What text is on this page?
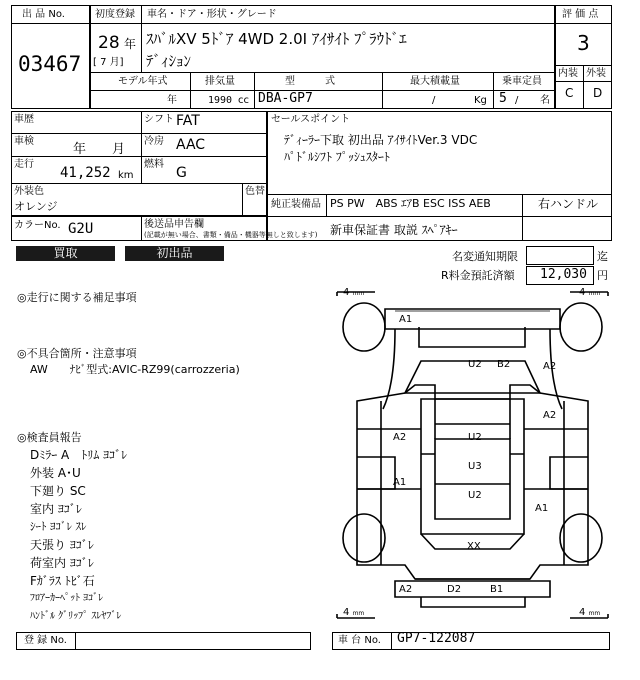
出 品 No.
03467
初度登録 車名・ドア・形状・グレード
28 年
[ 7 月]
ｽﾊﾞﾙXV 5ﾄﾞｱ 4WD 2.0I ｱｲｻｲﾄ ﾌﾟﾗｳﾄﾞｴ
ﾃﾞｨｼｮﾝ
モデル年式	排気量	型　　　式	最大積載量	乗車定員
年	1990 cc DBA-GP7	/	Kg 5 / 名
評 価 点
3
内装 外装
C D
車歴	シフト FAT
車検
年　　月
冷房 AAC
走行
41,252 km
燃料
G
外装色
オレンジ
色替
カラーNo. G2U	後送品申告欄
(記載が無い場合、書類・備品・機器等無しと致します)
セールスポイント
ﾃﾞｨｰﾗｰ下取 初出品 ｱｲｻｲﾄVer.3 VDC
ﾊﾟﾄﾞﾙｼﾌﾄ ﾌﾟｯｼｭｽﾀｰﾄ
純正装備品 PS PW　ABS ｴｱB ESC ISS AEB	右ハンドル
新車保証書 取説 ｽﾍﾟｱｷｰ
買取	初出品	名変通知期限	迄
R料金預託済額 12,030 円
◎走行に関する補足事項
◎不具合箇所・注意事項
AW　　ﾅﾋﾞ型式:AVIC-RZ99(carrozzeria)
◎検査員報告
Dﾐﾗｰ A　ﾄﾘﾑ ﾖｺﾞﾚ
外装 A･U
下廻り SC
室内 ﾖｺﾞﾚ
ｼｰﾄ ﾖｺﾞﾚ ｽﾚ
天張り ﾖｺﾞﾚ
荷室内 ﾖｺﾞﾚ
Fｶﾞﾗｽ ﾄﾋﾞ石
ﾌﾛｱｰｶｰﾍﾟｯﾄ ﾖｺﾞﾚ
ﾊﾝﾄﾞﾙ ｸﾞﾘｯﾌﾟ ｽﾚﾔﾌﾞﾚ
4 mm	4 mm
4 mm	4 mm
A1
U2 B2	A2
A2
A2	U2
U3
A1
U2
A1
XX
A2	D2	B1
登 録 No.	車 台 No. GP7-122087
